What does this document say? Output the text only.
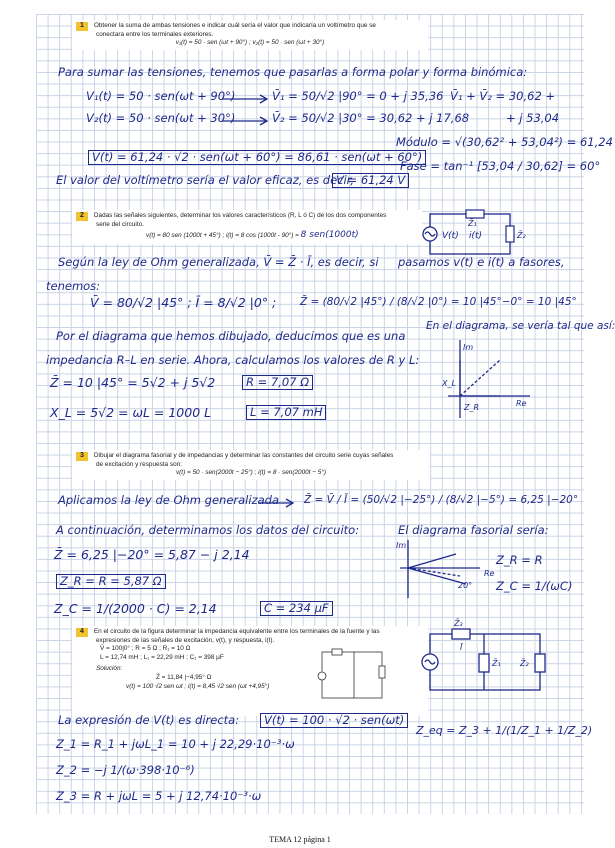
1 Obtener la suma de ambas tensiones e indicar cuál sería el valor que indicaría un voltímetro que se
conectara entre los terminales exteriores.
v₁(t) = 50 · sen (ωt + 90°) ; v₂(t) = 50 · sen (ωt + 30°)
Para sumar las tensiones, tenemos que pasarlas a forma polar y forma binómica:
V₁(t) = 50 · sen(ωt + 90°)	V̄₁ = 50/√2 |90° = 0 + j 35,36 V̄₁ + V̄₂ = 30,62 +
V₂(t) = 50 · sen(ωt + 30°)	V̄₂ = 50/√2 |30° = 30,62 + j 17,68	+ j 53,04
Módulo = √(30,62² + 53,04²) = 61,24
V(t) = 61,24 · √2 · sen(ωt + 60°) = 86,61 · sen(ωt + 60°)
Fase = tan⁻¹ [53,04 / 30,62] = 60°
El valor del voltímetro sería el valor eficaz, es decir,
V = 61,24 V
2 Dadas las señales siguientes, determinar los valores característicos (R, L ó C) de los dos componentes
serie del circuito.
v(t) = 80 sen (1000t + 45°) ; i(t) = 8 cos (1000t - 90°) = 8 sen(1000t)	V(t) i(t)
Z̄₁
Z̄₂
Según la ley de Ohm generalizada, V̄ = Z̄ · Ī, es decir, si pasamos v(t) e i(t) a fasores,
tenemos:
V̄ = 80/√2 |45° ; Ī = 8/√2 |0° ; Z̄ = (80/√2 |45°) / (8/√2 |0°) = 10 |45°−0° = 10 |45°
Por el diagrama que hemos dibujado, deducimos que es una
En el diagrama, se vería tal que así:
impedancia R–L en serie. Ahora, calculamos los valores de R y L:
X_L
Z_R	Re
Im
Z̄ = 10 |45° = 5√2 + j 5√2	R = 7,07 Ω
X_L = 5√2 = ωL = 1000 L	L = 7,07 mH
3 Dibujar el diagrama fasorial y de impedancias y determinar las constantes del circuito serie cuyas señales
de excitación y respuesta son:
v(t) = 50 · sen(2000t − 25°) ; i(t) = 8 · sen(2000t − 5°)
Aplicamos la ley de Ohm generalizada Z̄ = V̄ / Ī = (50/√2 |−25°) / (8/√2 |−5°) = 6,25 |−20°
A continuación, determinamos los datos del circuito:	El diagrama fasorial sería:
Z̄ = 6,25 |−20° = 5,87 − j 2,14
20°
Re
Im
Z_R = R = 5,87 Ω
Z_R = R
Z_C = 1/(2000 · C) = 2,14	C = 234 μF
Z_C = 1/(ωC)
4 En el circuito de la figura determinar la impedancia equivalente entre los terminales de la fuente y las
expresiones de las señales de excitación, v(t), y respuesta, i(t).
V̄ = 100|0° ; R = 5 Ω ; R₁ = 10 Ω
L = 12,74 mH ; L₁ = 22,29 mH ; C₁ = 398 μF
Solución:
Z̄ = 11,84 |−4,95° Ω
v(t) = 100 √2 sen ωt ; i(t) = 8,45 √2 sen (ωt +4,95°)
Z̄₃
Ī
Z̄₁ Z̄₂
La expresión de V(t) es directa:	V(t) = 100 · √2 · sen(ωt)
Z_eq = Z_3 + 1/(1/Z_1 + 1/Z_2)
Z_1 = R_1 + jωL_1 = 10 + j 22,29·10⁻³·ω
Z_2 = −j 1/(ω·398·10⁻⁶)
Z_3 = R + jωL = 5 + j 12,74·10⁻³·ω
TEMA 12 página 1
